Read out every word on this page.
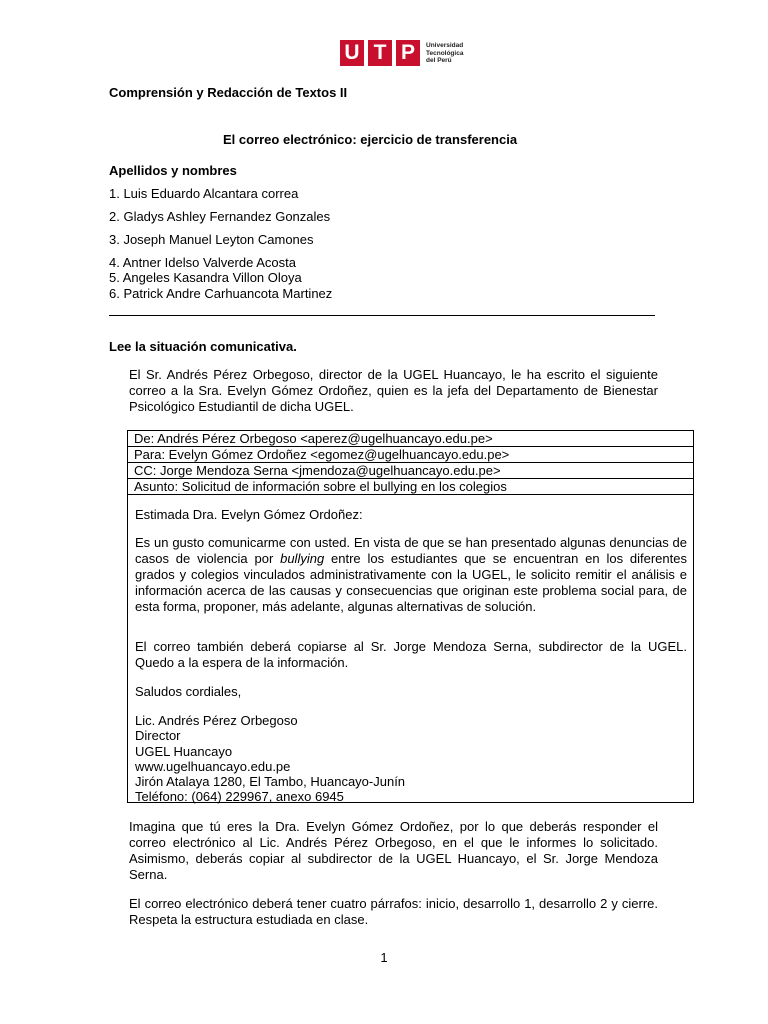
U T P	Universidad
Tecnológica
del Perú
Comprensión y Redacción de Textos II
El correo electrónico: ejercicio de transferencia
Apellidos y nombres
1. Luis Eduardo Alcantara correa
2. Gladys Ashley Fernandez Gonzales
3. Joseph Manuel Leyton Camones
4. Antner Idelso Valverde Acosta
5. Angeles Kasandra Villon Oloya
6. Patrick Andre Carhuancota Martinez
Lee la situación comunicativa.
El Sr. Andrés Pérez Orbegoso, director de la UGEL Huancayo, le ha escrito el siguiente correo a la Sra. Evelyn Gómez Ordoñez, quien es la jefa del Departamento de Bienestar Psicológico Estudiantil de dicha UGEL.
De: Andrés Pérez Orbegoso <aperez@ugelhuancayo.edu.pe>
Para: Evelyn Gómez Ordoñez <egomez@ugelhuancayo.edu.pe>
CC: Jorge Mendoza Serna <jmendoza@ugelhuancayo.edu.pe>
Asunto: Solicitud de información sobre el bullying en los colegios
Estimada Dra. Evelyn Gómez Ordoñez:
Es un gusto comunicarme con usted. En vista de que se han presentado algunas denuncias de casos de violencia por bullying entre los estudiantes que se encuentran en los diferentes grados y colegios vinculados administrativamente con la UGEL, le solicito remitir el análisis e información acerca de las causas y consecuencias que originan este problema social para, de esta forma, proponer, más adelante, algunas alternativas de solución.
El correo también deberá copiarse al Sr. Jorge Mendoza Serna, subdirector de la UGEL. Quedo a la espera de la información.
Saludos cordiales,
Lic. Andrés Pérez Orbegoso
Director
UGEL Huancayo
www.ugelhuancayo.edu.pe
Jirón Atalaya 1280, El Tambo, Huancayo-Junín
Teléfono: (064) 229967, anexo 6945
Imagina que tú eres la Dra. Evelyn Gómez Ordoñez, por lo que deberás responder el correo electrónico al Lic. Andrés Pérez Orbegoso, en el que le informes lo solicitado. Asimismo, deberás copiar al subdirector de la UGEL Huancayo, el Sr. Jorge Mendoza Serna.
El correo electrónico deberá tener cuatro párrafos: inicio, desarrollo 1, desarrollo 2 y cierre. Respeta la estructura estudiada en clase.
1
